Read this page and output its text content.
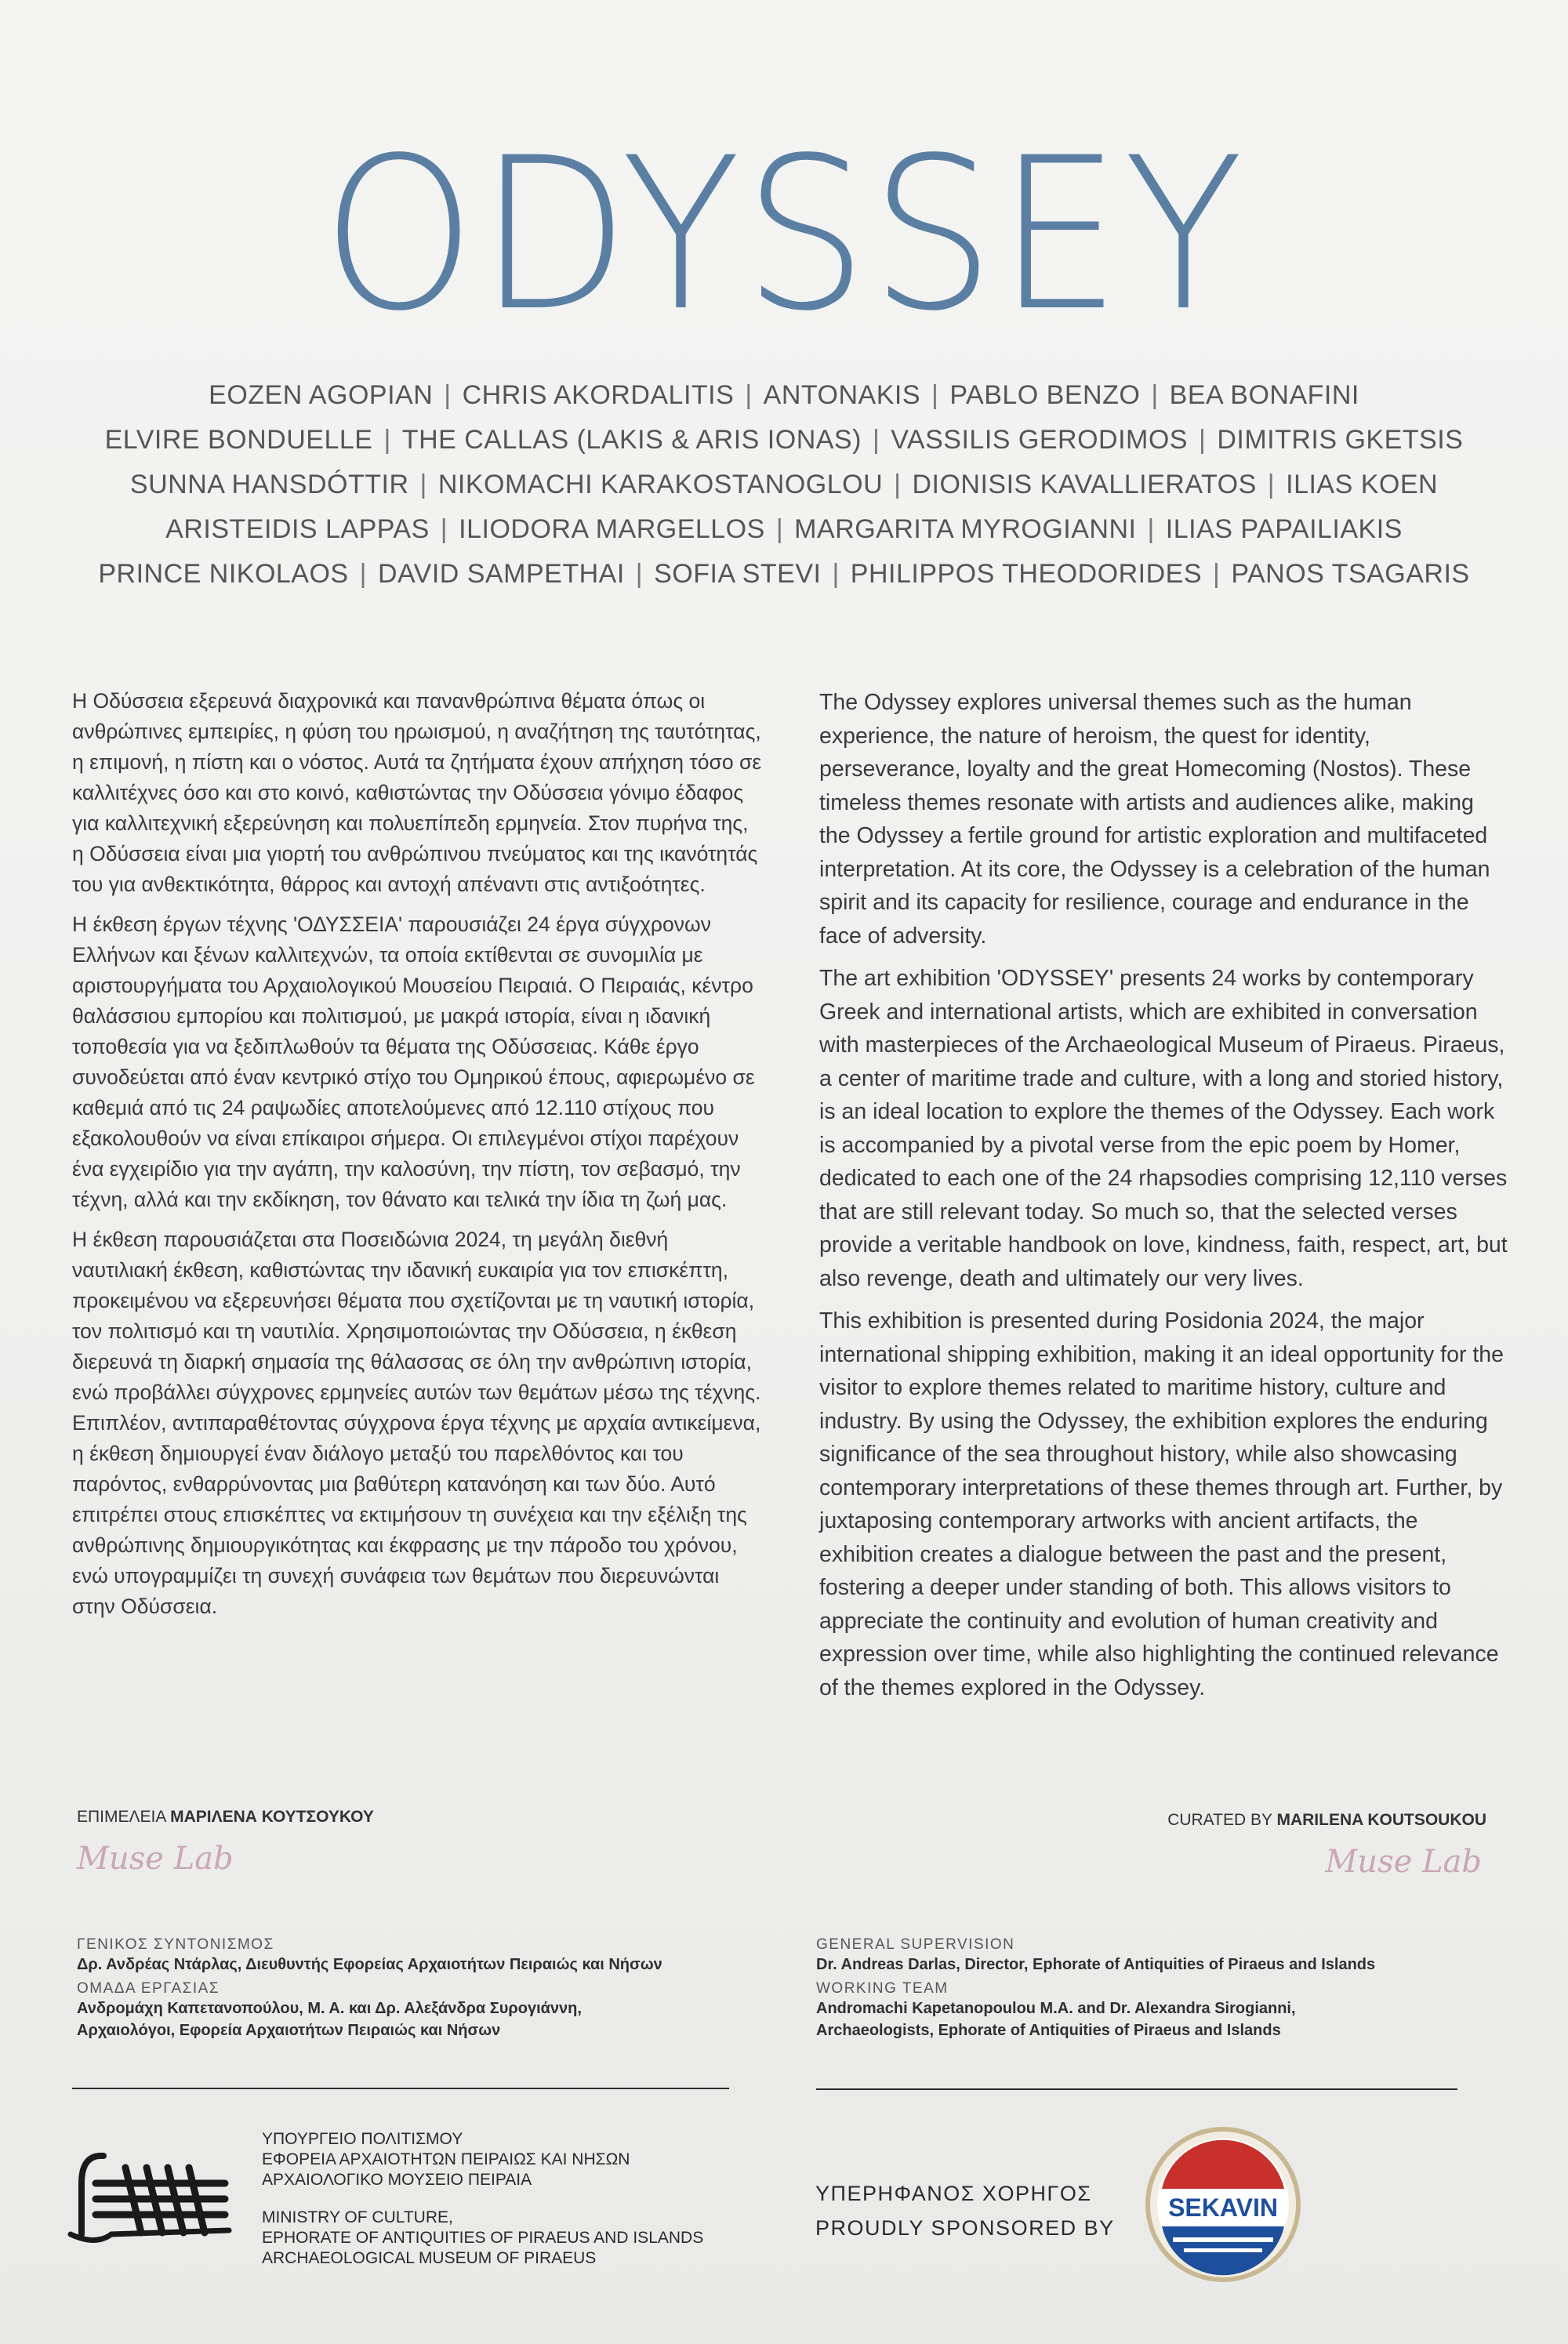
ODYSSEY
EOZEN AGOPIAN | CHRIS AKORDALITIS | ANTONAKIS | PABLO BENZO | BEA BONAFINI
ELVIRE BONDUELLE | THE CALLAS (LAKIS & ARIS IONAS) | VASSILIS GERODIMOS | DIMITRIS GKETSIS
SUNNA HANSDÓTTIR | NIKOMACHI KARAKOSTANOGLOU | DIONISIS KAVALLIERATOS | ILIAS KOEN
ARISTEIDIS LAPPAS | ILIODORA MARGELLOS | MARGARITA MYROGIANNI | ILIAS PAPAILIAKIS
PRINCE NIKOLAOS | DAVID SAMPETHAI | SOFIA STEVI | PHILIPPOS THEODORIDES | PANOS TSAGARIS

Η Οδύσσεια εξερευνά διαχρονικά και πανανθρώπινα θέματα όπως οι ανθρώπινες εμπειρίες, η φύση του ηρωισμού, η αναζήτηση της ταυτότητας, η επιμονή, η πίστη και ο νόστος. Αυτά τα ζητήματα έχουν απήχηση τόσο σε καλλιτέχνες όσο και στο κοινό, καθιστώντας την Οδύσσεια γόνιμο έδαφος για καλλιτεχνική εξερεύνηση και πολυεπίπεδη ερμηνεία. Στον πυρήνα της, η Οδύσσεια είναι μια γιορτή του ανθρώπινου πνεύματος και της ικανότητάς του για ανθεκτικότητα, θάρρος και αντοχή απέναντι στις αντιξοότητες.

Η έκθεση έργων τέχνης 'ΟΔΥΣΣΕΙΑ' παρουσιάζει 24 έργα σύγχρονων Ελλήνων και ξένων καλλιτεχνών, τα οποία εκτίθενται σε συνομιλία με αριστουργήματα του Αρχαιολογικού Μουσείου Πειραιά. Ο Πειραιάς, κέντρο θαλάσσιου εμπορίου και πολιτισμού, με μακρά ιστορία, είναι η ιδανική τοποθεσία για να ξεδιπλωθούν τα θέματα της Οδύσσειας. Κάθε έργο συνοδεύεται από έναν κεντρικό στίχο του Ομηρικού έπους, αφιερωμένο σε καθεμιά από τις 24 ραψωδίες αποτελούμενες από 12.110 στίχους που εξακολουθούν να είναι επίκαιροι σήμερα. Οι επιλεγμένοι στίχοι παρέχουν ένα εγχειρίδιο για την αγάπη, την καλοσύνη, την πίστη, τον σεβασμό, την τέχνη, αλλά και την εκδίκηση, τον θάνατο και τελικά την ίδια τη ζωή μας.

Η έκθεση παρουσιάζεται στα Ποσειδώνια 2024, τη μεγάλη διεθνή ναυτιλιακή έκθεση, καθιστώντας την ιδανική ευκαιρία για τον επισκέπτη, προκειμένου να εξερευνήσει θέματα που σχετίζονται με τη ναυτική ιστορία, τον πολιτισμό και τη ναυτιλία. Χρησιμοποιώντας την Οδύσσεια, η έκθεση διερευνά τη διαρκή σημασία της θάλασσας σε όλη την ανθρώπινη ιστορία, ενώ προβάλλει σύγχρονες ερμηνείες αυτών των θεμάτων μέσω της τέχνης. Επιπλέον, αντιπαραθέτοντας σύγχρονα έργα τέχνης με αρχαία αντικείμενα, η έκθεση δημιουργεί έναν διάλογο μεταξύ του παρελθόντος και του παρόντος, ενθαρρύνοντας μια βαθύτερη κατανόηση και των δύο. Αυτό επιτρέπει στους επισκέπτες να εκτιμήσουν τη συνέχεια και την εξέλιξη της ανθρώπινης δημιουργικότητας και έκφρασης με την πάροδο του χρόνου, ενώ υπογραμμίζει τη συνεχή συνάφεια των θεμάτων που διερευνώνται στην Οδύσσεια.

The Odyssey explores universal themes such as the human experience, the nature of heroism, the quest for identity, perseverance, loyalty and the great Homecoming (Nostos). These timeless themes resonate with artists and audiences alike, making the Odyssey a fertile ground for artistic exploration and multifaceted interpretation. At its core, the Odyssey is a celebration of the human spirit and its capacity for resilience, courage and endurance in the face of adversity.

The art exhibition 'ODYSSEY' presents 24 works by contemporary Greek and international artists, which are exhibited in conversation with masterpieces of the Archaeological Museum of Piraeus. Piraeus, a center of maritime trade and culture, with a long and storied history, is an ideal location to explore the themes of the Odyssey. Each work is accompanied by a pivotal verse from the epic poem by Homer, dedicated to each one of the 24 rhapsodies comprising 12,110 verses that are still relevant today. So much so, that the selected verses provide a veritable handbook on love, kindness, faith, respect, art, but also revenge, death and ultimately our very lives.

This exhibition is presented during Posidonia 2024, the major international shipping exhibition, making it an ideal opportunity for the visitor to explore themes related to maritime history, culture and industry. By using the Odyssey, the exhibition explores the enduring significance of the sea throughout history, while also showcasing contemporary interpretations of these themes through art. Further, by juxtaposing contemporary artworks with ancient artifacts, the exhibition creates a dialogue between the past and the present, fostering a deeper under standing of both. This allows visitors to appreciate the continuity and evolution of human creativity and expression over time, while also highlighting the continued relevance of the themes explored in the Odyssey.

ΕΠΙΜΕΛΕΙΑ ΜΑΡΙΛΕΝΑ ΚΟΥΤΣΟΥΚΟΥ
Muse Lab
CURATED BY MARILENA KOUTSOUKOU
Muse Lab
ΓΕΝΙΚΟΣ ΣΥΝΤΟΝΙΣΜΟΣ
Δρ. Ανδρέας Ντάρλας, Διευθυντής Εφορείας Αρχαιοτήτων Πειραιώς και Νήσων
ΟΜΑΔΑ ΕΡΓΑΣΙΑΣ
Ανδρομάχη Καπετανοπούλου, Μ. Α. και Δρ. Αλεξάνδρα Συρογιάννη,
Αρχαιολόγοι, Εφορεία Αρχαιοτήτων Πειραιώς και Νήσων
GENERAL SUPERVISION
Dr. Andreas Darlas, Director, Ephorate of Antiquities of Piraeus and Islands
WORKING TEAM
Andromachi Kapetanopoulou M.A. and Dr. Alexandra Sirogianni,
Archaeologists, Ephorate of Antiquities of Piraeus and Islands
ΥΠΟΥΡΓΕΙΟ ΠΟΛΙΤΙΣΜΟΥ
ΕΦΟΡΕΙΑ ΑΡΧΑΙΟΤΗΤΩΝ ΠΕΙΡΑΙΩΣ ΚΑΙ ΝΗΣΩΝ
ΑΡΧΑΙΟΛΟΓΙΚΟ ΜΟΥΣΕΙΟ ΠΕΙΡΑΙΑ
MINISTRY OF CULTURE,
EPHORATE OF ANTIQUITIES OF PIRAEUS AND ISLANDS
ARCHAEOLOGICAL MUSEUM OF PIRAEUS
ΥΠΕΡΗΦΑΝΟΣ ΧΟΡΗΓΟΣ
PROUDLY SPONSORED BY
SEKAVIN
